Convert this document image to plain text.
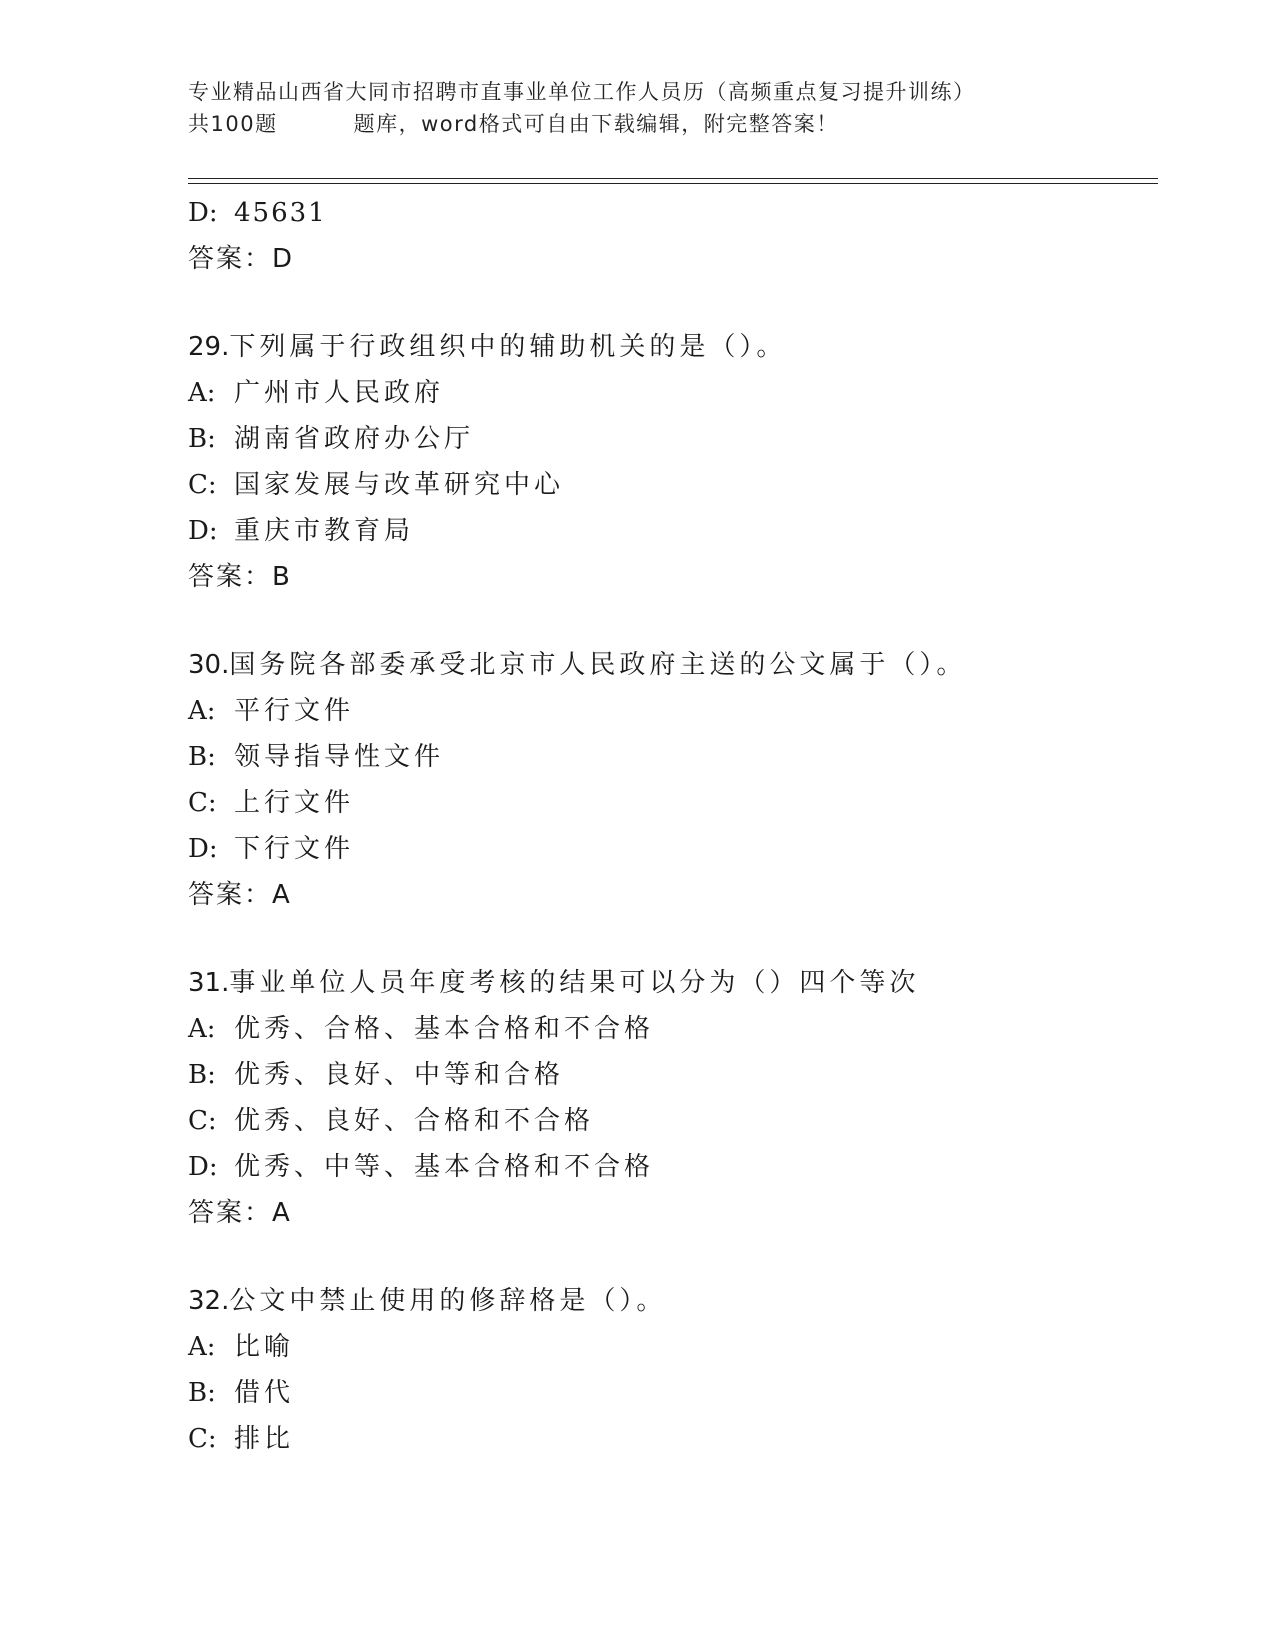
专业精品山西省大同市招聘市直事业单位工作人员历（高频重点复习提升训练）
共100题	题库，word格式可自由下载编辑，附完整答案！
D: 45631
答案：D
29.下列属于行政组织中的辅助机关的是（）。
A: 广州市人民政府
B: 湖南省政府办公厅
C: 国家发展与改革研究中心
D: 重庆市教育局
答案：B
30.国务院各部委承受北京市人民政府主送的公文属于（）。
A: 平行文件
B: 领导指导性文件
C: 上行文件
D: 下行文件
答案：A
31.事业单位人员年度考核的结果可以分为（）四个等次
A: 优秀、合格、基本合格和不合格
B: 优秀、良好、中等和合格
C: 优秀、良好、合格和不合格
D: 优秀、中等、基本合格和不合格
答案：A
32.公文中禁止使用的修辞格是（）。
A: 比喻
B: 借代
C: 排比
